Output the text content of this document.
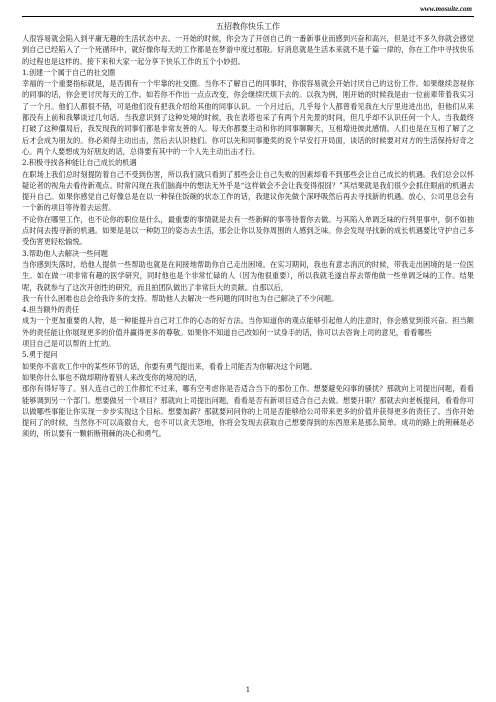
www.mosuite.com
五招教你快乐工作

人很容易就会陷入到平庸无趣的生活状态中去。一开始的时候，你会为了开创自己的一番新事业而感到兴奋和高兴，但是过不多久你就会感觉到自己已经陷入了一个死循环中，就好像你每天的工作都是在梦游中度过那般。好消息就是生活本来就不是千篇一律的，你在工作中寻找快乐的过程也是这样的。接下来和大家一起分享下快乐工作的五个小妙招。

1.创建一个属于自己的社交圈

幸福的一个重要指标就是，是否拥有一个牢靠的社交圈。当你不了解自己的同事时，你很容易就会开始讨厌自己的这份工作。如果继续忽视你的同事的话，你会更讨厌每天的工作。如若你不作出一点点改变，你会继续厌烦下去的。以我为例，刚开始的时候我是由一位前辈带着我实习了一个月。他们人都很不错，可是他们没有把我介绍给其他的同事认识。一个月过后，几乎每个人都曾看见我在大厅里进进出出，但他们从来都没有上前和我攀谈过几句话。当我意识到了这种处境的时候，我在表塔也采了有两个月先景的时间，但几乎却不认识任何一个人。当我最终打破了这种僵局后，我发现我的同事们都是非常友善的人。每天你都要主动和你的同事聊聊天，互相增进彼此感情。人们也是在互相了解了之后才会成为朋友的。你必须得主动出击，然后去认识他们。你可以先和同事邀奖的说个早安打开局面，谈话的时候要对对方的生活保持好奇之心。两个人要想成为好朋友的话，总得要有其中的一个人先主动出击才行。

2.积极寻找各种能让自己成长的机遇

在职场上我们总时刻提防着自己不受到伤害，所以我们就只看到了那些会让自己失败的因素却看不到那些会让自己成长的机遇。我们总会以怀疑论者的视角去看待新观点。时常闪现在我们脑海中的想法无外乎是“这样做会不会让我变得很囧？”其结果就是我们很少会抓住眼前的机遇去提升自己。如果你感觉自己好像总是在以一种保住饭碗的状态工作的话，我建议你先做个深呼吸然后再去寻找新的机遇。放心，公司里总会有一个新的项目等待着去运营。

不论你在哪里工作，也不论你的职位是什么，最重要的事情就是去有一些新鲜的事等待着你去做。与其陷入单调乏味的行列里事中，倒不如抽点时间去搜寻新的机遇。如果是是以一种防卫的姿态去生活，那会让你以及你周围的人感到乏味。你会发现寻找新的成长机遇要比守护自己多受伤害更轻松愉悦。

3.帮助他人去解决一些问题

当你感到失落时，给他人提供一些帮助也就是在间接地帮助你自己走出困境。在实习期间，我也有意志消沉的时候，带我走出困境的是一位医生。如在做一项非常有趣的医学研究，同时他也是个非常忙碌的人（因为他很重要），所以我就毛遂自荐去帮他做一些单调乏味的工作。结果呢，我就参与了这次开创性的研究，而且拍团队做出了非常巨大的贡献。自那以后，

我一有什么困难也总会给我许多的支持。帮助他人去解决一些问题的同时也为自己解决了不少问题。

4.担当额外的责任

成为一个更加重要的人物，是一种能提升自己对工作的心态的好方法。当你知道你的观点能够引起他人的注意时，你会感觉到很兴奋。担当额外的责任能让你展现更多的价值并赢得更多的尊敬。如果你不知道自己改如何一试身手的话，你可以去咨询上司的意见，看看哪些

项目自己是可以帮的上忙的。

5.勇于提问

如果你不喜欢工作中的某些环节的话，你要有勇气提出来，看看上司能否为你解决这个问题。

如果你什么事也不做却期待着别人来改变你的境况的话，

那你有得好等了。别人连自己的工作都忙不过来，哪有空考虑你是否适合当下的那份工作。想要避免闷事的骚扰？那就向上司提出问题，看看能够调到另一个部门。想要做另一个项目？那就向上司提出问题，看看是否有新项目适合自己去做。想要升职？那就去向老板提问，看看你可以做哪些事能让你实现一步步实现这个目标。想要加薪？那就要问问你的上司是否能够给公司带来更多的价值并获得更多的责任了。当你开始提问了的时候，当然你不可以高傲自大，也不可以贪天怨地，你将会发现去获取自己想要得到的东西原来是那么简单。成功的路上的荆棘是必须的，所以要有一颗斩断荆棘的决心和勇气。

1
